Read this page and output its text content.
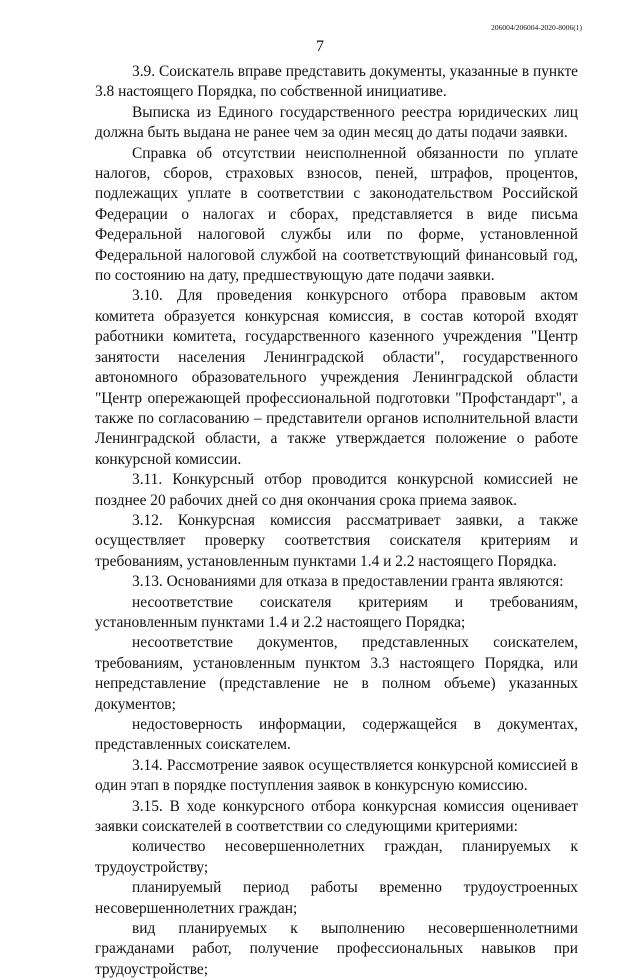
206004/206004-2020-8006(1)
7

3.9. Соискатель вправе представить документы, указанные в пункте 3.8 настоящего Порядка, по собственной инициативе.

Выписка из Единого государственного реестра юридических лиц должна быть выдана не ранее чем за один месяц до даты подачи заявки.

Справка об отсутствии неисполненной обязанности по уплате налогов, сборов, страховых взносов, пеней, штрафов, процентов, подлежащих уплате в соответствии с законодательством Российской Федерации о налогах и сборах, представляется в виде письма Федеральной налоговой службы или по форме, установленной Федеральной налоговой службой на соответствующий финансовый год, по состоянию на дату, предшествующую дате подачи заявки.

3.10. Для проведения конкурсного отбора правовым актом комитета образуется конкурсная комиссия, в состав которой входят работники комитета, государственного казенного учреждения "Центр занятости населения Ленинградской области", государственного автономного образовательного учреждения Ленинградской области "Центр опережающей профессиональной подготовки "Профстандарт", а также по согласованию – представители органов исполнительной власти Ленинградской области, а также утверждается положение о работе конкурсной комиссии.

3.11. Конкурсный отбор проводится конкурсной комиссией не позднее 20 рабочих дней со дня окончания срока приема заявок.

3.12. Конкурсная комиссия рассматривает заявки, а также осуществляет проверку соответствия соискателя критериям и требованиям, установленным пунктами 1.4 и 2.2 настоящего Порядка.

3.13. Основаниями для отказа в предоставлении гранта являются:

несоответствие соискателя критериям и требованиям, установленным пунктами 1.4 и 2.2 настоящего Порядка;

несоответствие документов, представленных соискателем, требованиям, установленным пунктом 3.3 настоящего Порядка, или непредставление (представление не в полном объеме) указанных документов;

недостоверность информации, содержащейся в документах, представленных соискателем.

3.14. Рассмотрение заявок осуществляется конкурсной комиссией в один этап в порядке поступления заявок в конкурсную комиссию.

3.15. В ходе конкурсного отбора конкурсная комиссия оценивает заявки соискателей в соответствии со следующими критериями:

количество несовершеннолетних граждан, планируемых к трудоустройству;

планируемый период работы временно трудоустроенных несовершеннолетних граждан;

вид планируемых к выполнению несовершеннолетними гражданами работ, получение профессиональных навыков при трудоустройстве;
